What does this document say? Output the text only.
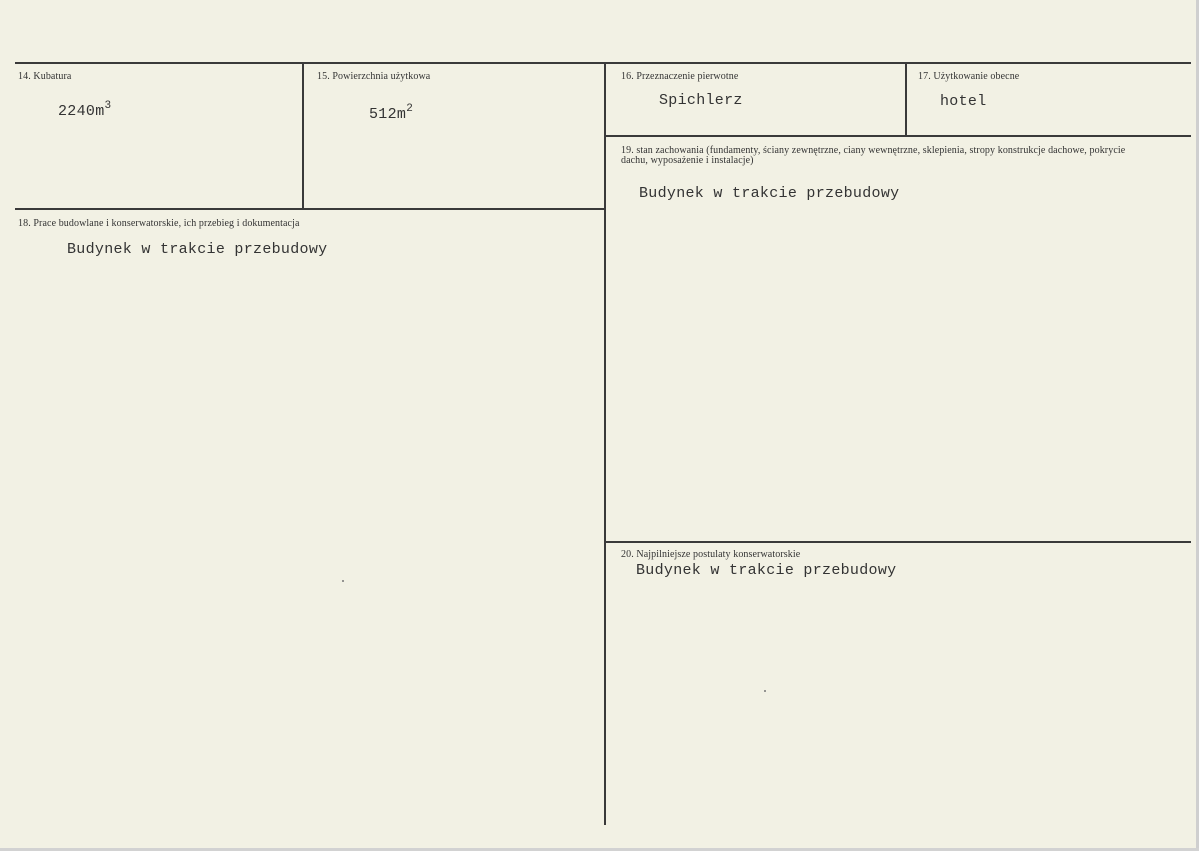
14. Kubatura
$2240m^3$
15. Powierzchnia użytkowa
$512m^2$
16. Przeznaczenie pierwotne
Spichlerz
17. Użytkowanie obecne
hotel
19. stan zachowania (fundamenty, ściany zewnętrzne, ciany wewnętrzne, sklepienia, stropy konstrukcje dachowe, pokrycie dachu, wyposażenie i instalacje)
Budynek w trakcie przebudowy
18. Prace budowlane i konserwatorskie, ich przebieg i dokumentacja
Budynek w trakcie przebudowy
20. Najpilniejsze postulaty konserwatorskie
Budynek w trakcie przebudowy
